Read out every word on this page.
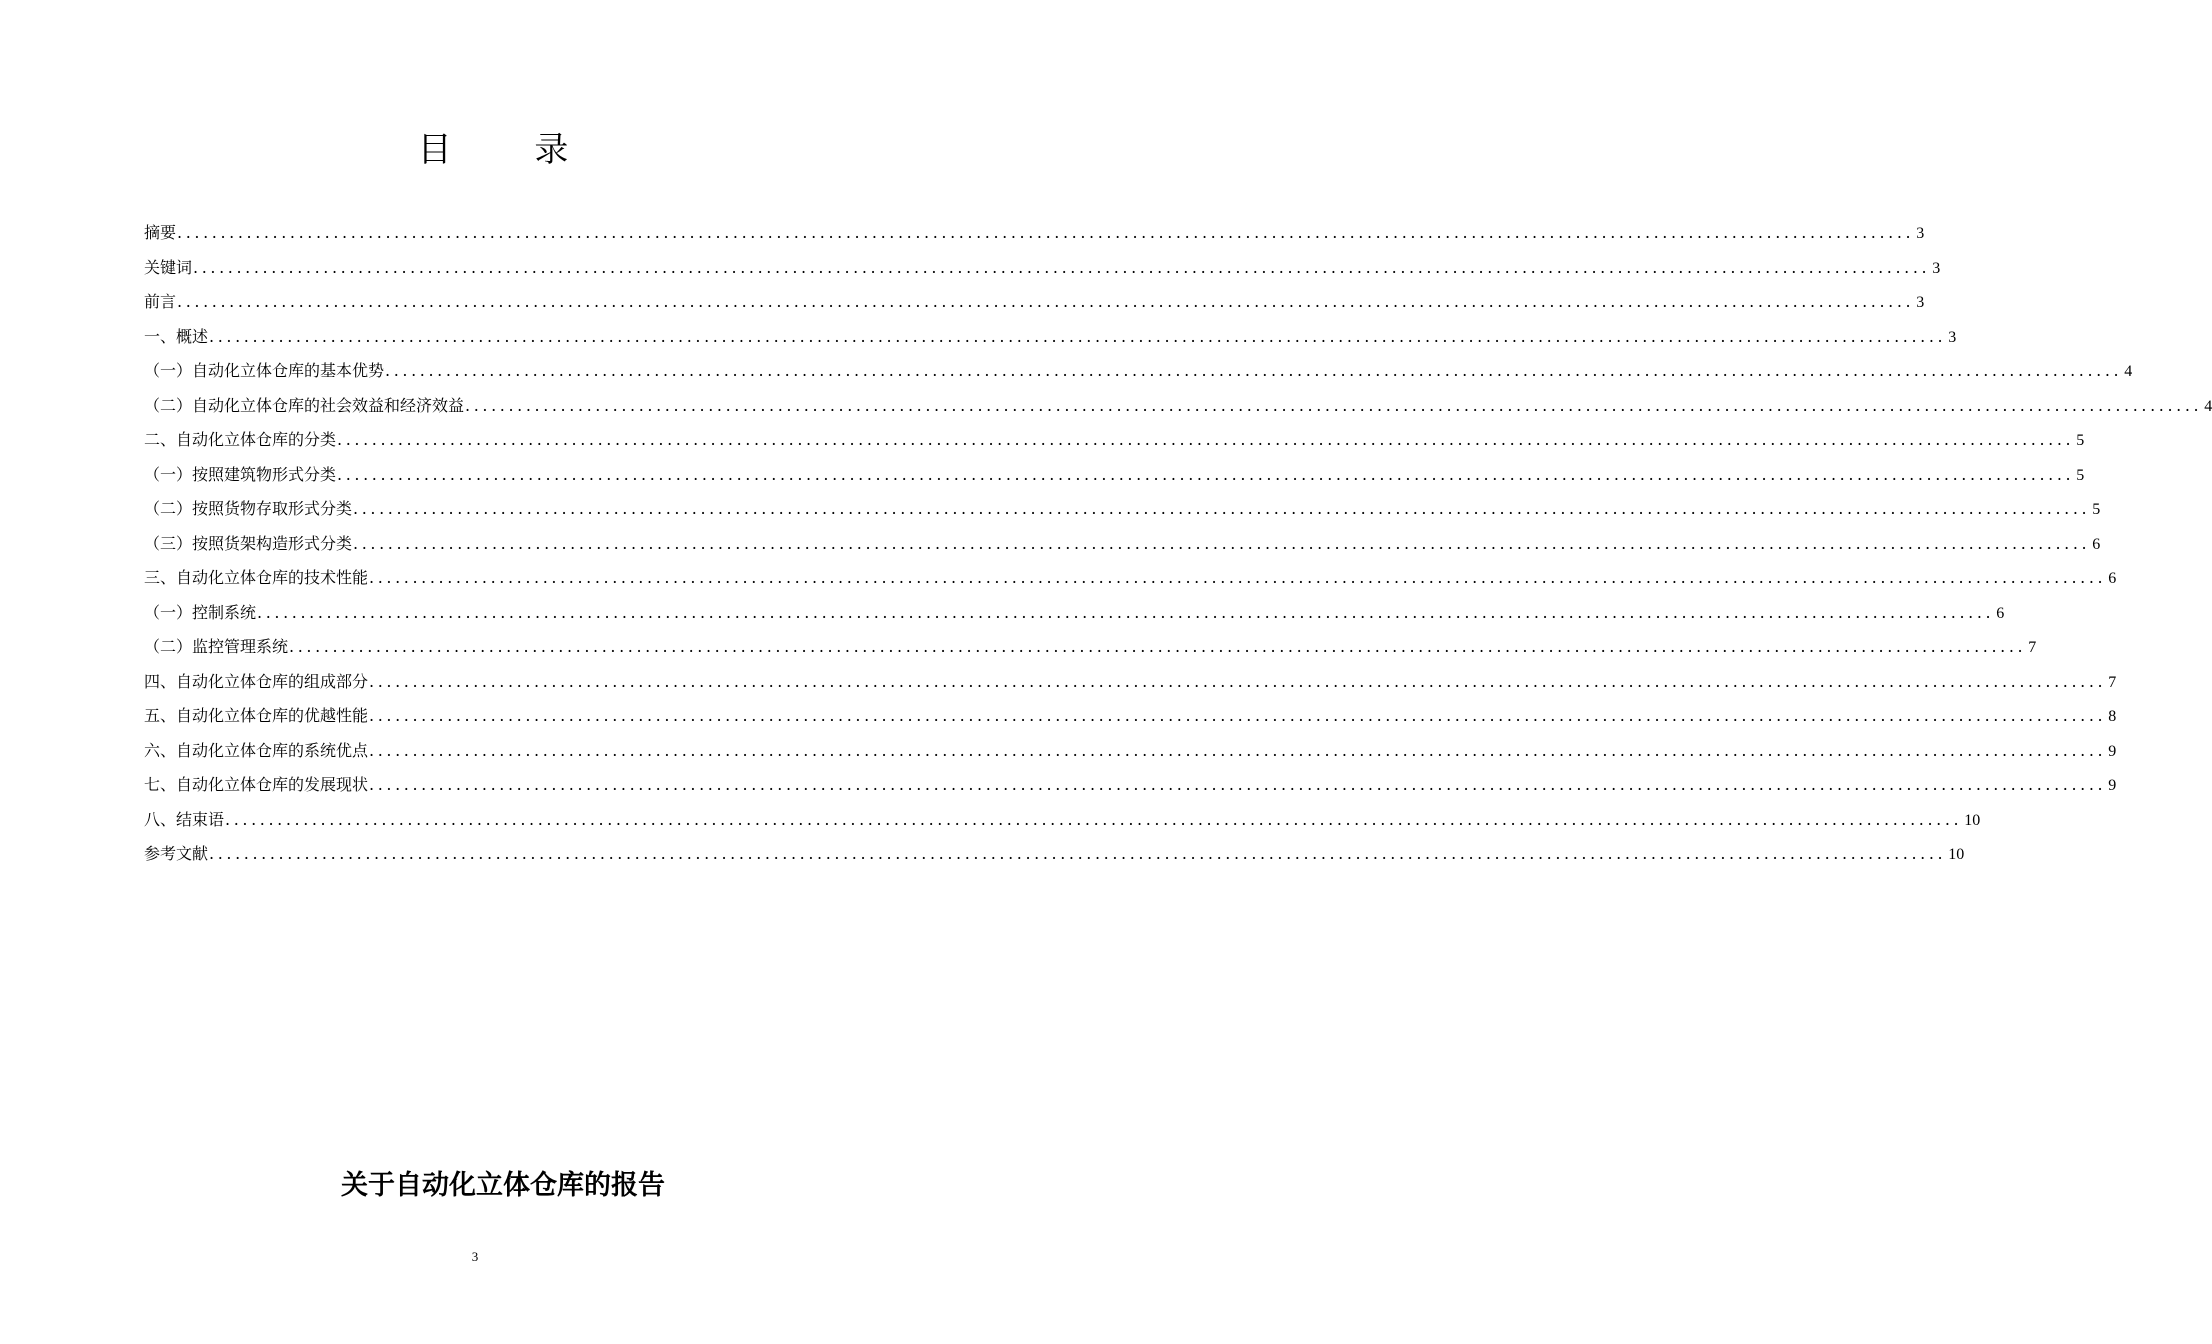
目 录
摘要 ........................................................................................................................................................................................................ 3
关键词 ........................................................................................................................................................................................................ 3
前言 ........................................................................................................................................................................................................ 3
一、概述 ........................................................................................................................................................................................................ 3
（一）自动化立体仓库的基本优势 ........................................................................................................................................................................................................ 4
（二）自动化立体仓库的社会效益和经济效益 ........................................................................................................................................................................................................ 4
二、自动化立体仓库的分类 ........................................................................................................................................................................................................ 5
（一）按照建筑物形式分类 ........................................................................................................................................................................................................ 5
（二）按照货物存取形式分类 ........................................................................................................................................................................................................ 5
（三）按照货架构造形式分类 ........................................................................................................................................................................................................ 6
三、自动化立体仓库的技术性能 ........................................................................................................................................................................................................ 6
（一）控制系统 ........................................................................................................................................................................................................ 6
（二）监控管理系统 ........................................................................................................................................................................................................ 7
四、自动化立体仓库的组成部分 ........................................................................................................................................................................................................ 7
五、自动化立体仓库的优越性能 ........................................................................................................................................................................................................ 8
六、自动化立体仓库的系统优点 ........................................................................................................................................................................................................ 9
七、自动化立体仓库的发展现状 ........................................................................................................................................................................................................ 9
八、结束语 ........................................................................................................................................................................................................ 10
参考文献 ........................................................................................................................................................................................................ 10
关于自动化立体仓库的报告
3
